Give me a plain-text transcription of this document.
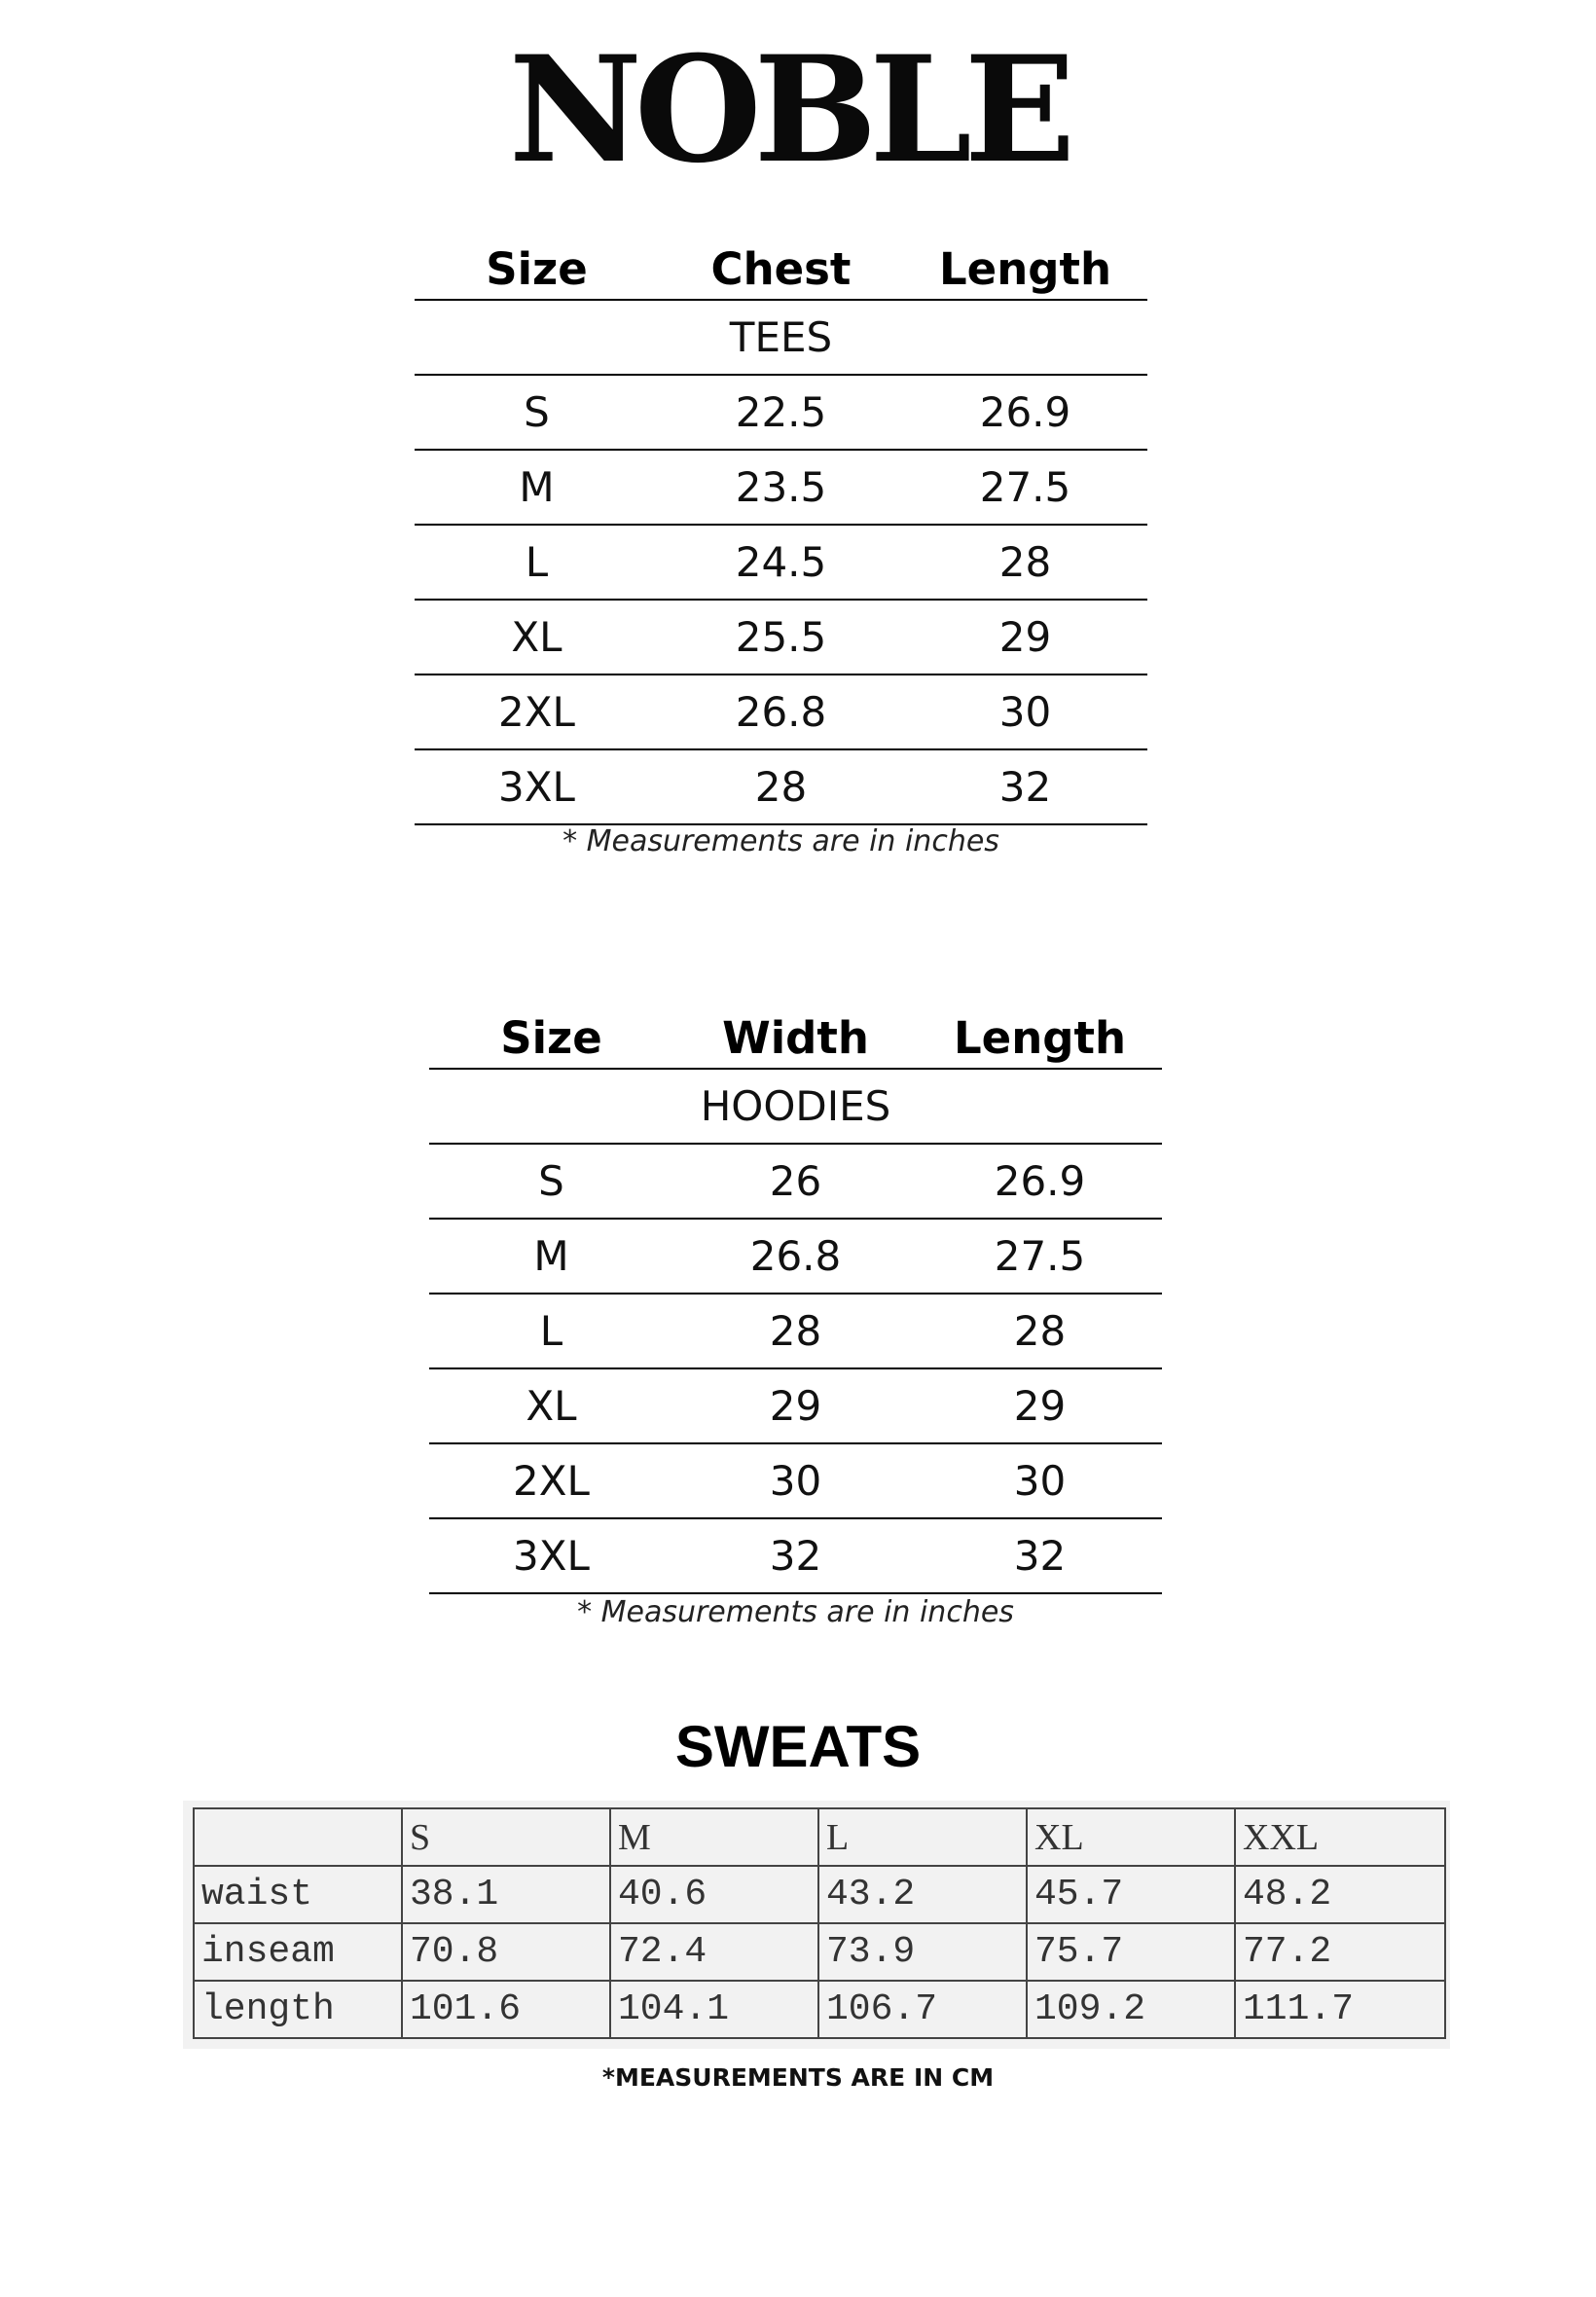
NOBLE
Size	Chest	Length
TEES		
S	22.5	26.9
M	23.5	27.5
L	24.5	28
XL	25.5	29
2XL	26.8	30
3XL	28	32
* Measurements are in inches
Size	Width	Length
HOODIES		
S	26	26.9
M	26.8	27.5
L	28	28
XL	29	29
2XL	30	30
3XL	32	32
* Measurements are in inches
SWEATS
	S	M	L	XL	XXL
waist	38.1	40.6	43.2	45.7	48.2
inseam	70.8	72.4	73.9	75.7	77.2
length	101.6	104.1	106.7	109.2	111.7
*MEASUREMENTS ARE IN CM
